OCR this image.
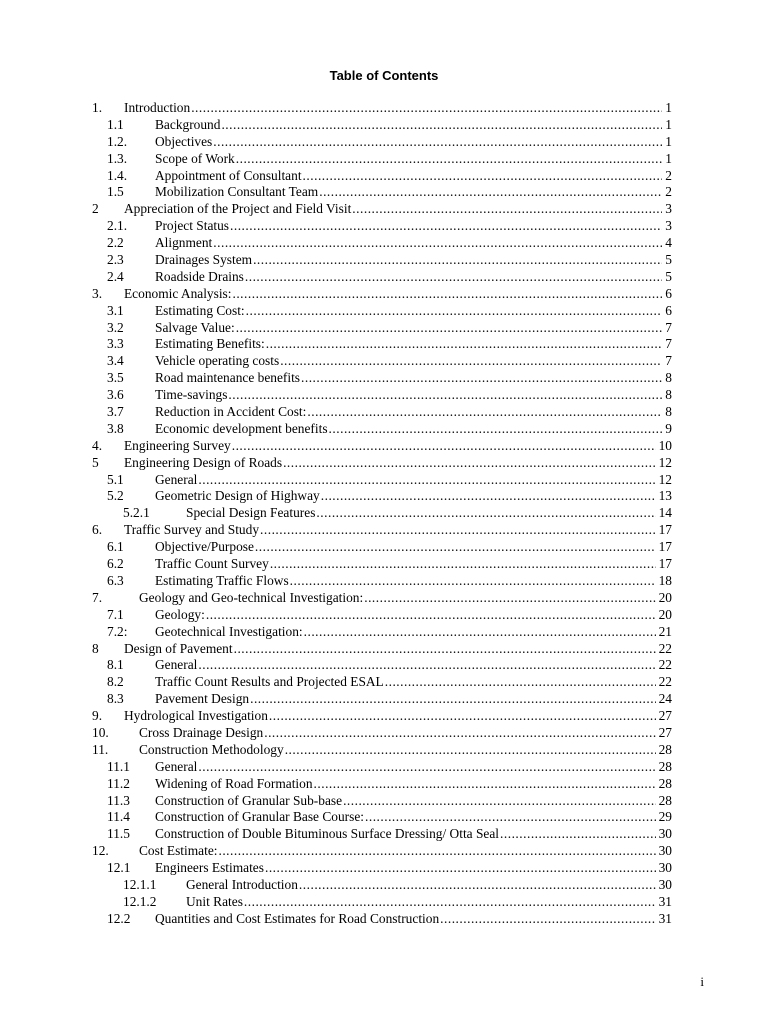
Table of Contents
1. Introduction .....	1
1.1 Background .....	1
1.2. Objectives .....	1
1.3. Scope of Work .....	1
1.4. Appointment of Consultant .....	2
1.5 Mobilization Consultant Team .....	2
2 Appreciation of the Project and Field Visit .....	3
2.1. Project Status .....	3
2.2 Alignment .....	4
2.3 Drainages System .....	5
2.4 Roadside Drains .....	5
3. Economic Analysis: .....	6
3.1 Estimating Cost: .....	6
3.2 Salvage Value: .....	7
3.3 Estimating Benefits: .....	7
3.4 Vehicle operating costs .....	7
3.5 Road maintenance benefits .....	8
3.6 Time-savings .....	8
3.7 Reduction in Accident Cost: .....	8
3.8 Economic development benefits .....	9
4. Engineering Survey .....	10
5 Engineering Design of Roads .....	12
5.1 General .....	12
5.2 Geometric Design of Highway .....	13
5.2.1	Special Design Features .....	14
6. Traffic Survey and Study .....	17
6.1 Objective/Purpose .....	17
6.2 Traffic Count Survey .....	17
6.3 Estimating Traffic Flows .....	18
7.	Geology and Geo-technical Investigation: .....	20
7.1 Geology: .....	20
7.2: Geotechnical Investigation: .....	21
8 Design of Pavement .....	22
8.1 General .....	22
8.2 Traffic Count Results and Projected ESAL .....	22
8.3 Pavement Design .....	24
9. Hydrological Investigation .....	27
10. Cross Drainage Design .....	27
11. Construction Methodology .....	28
11.1 General .....	28
11.2 Widening of Road Formation .....	28
11.3 Construction of Granular Sub-base .....	28
11.4 Construction of Granular Base Course: .....	29
11.5 Construction of Double Bituminous Surface Dressing/ Otta Seal .....	30
12. Cost Estimate: .....	30
12.1 Engineers Estimates .....	30
12.1.1 General Introduction .....	30
12.1.2 Unit Rates .....	31
12.2 Quantities and Cost Estimates for Road Construction .....	31
i
